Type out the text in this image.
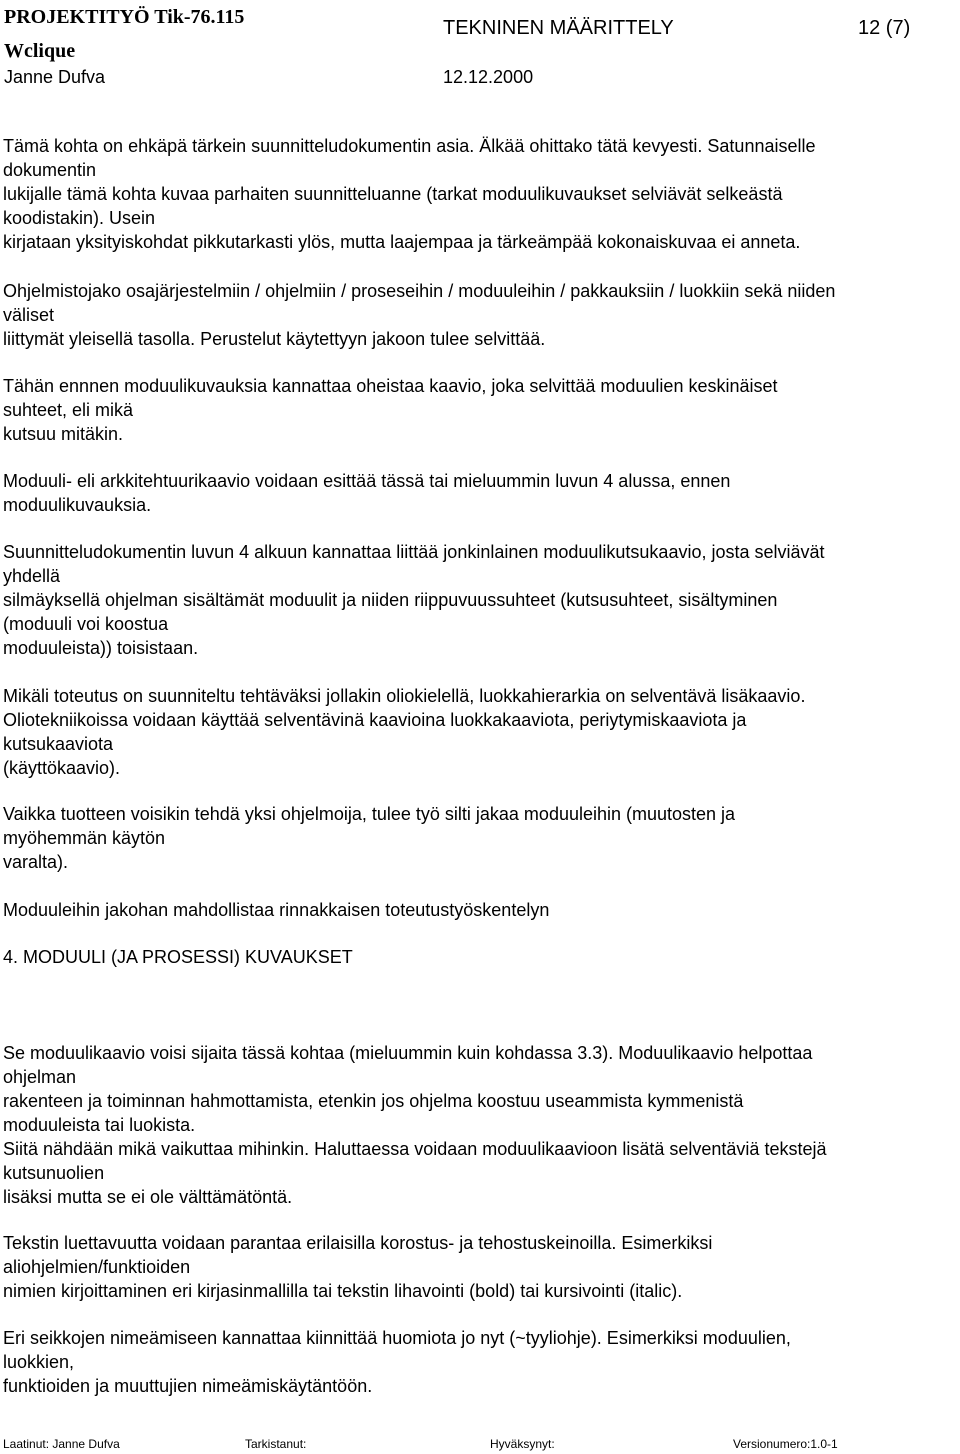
PROJEKTITYÖ Tik-76.115	TEKNINEN MÄÄRITTELY	12 (7)
Wclique
Janne Dufva	12.12.2000
Tämä kohta on ehkäpä tärkein suunnitteludokumentin asia. Älkää ohittako tätä kevyesti. Satunnaiselle
dokumentin
lukijalle tämä kohta kuvaa parhaiten suunnitteluanne (tarkat moduulikuvaukset selviävät selkeästä
koodistakin). Usein
kirjataan yksityiskohdat pikkutarkasti ylös, mutta laajempaa ja tärkeämpää kokonaiskuvaa ei anneta.
Ohjelmistojako osajärjestelmiin / ohjelmiin / proseseihin / moduuleihin / pakkauksiin / luokkiin sekä niiden
väliset
liittymät yleisellä tasolla. Perustelut käytettyyn jakoon tulee selvittää.
Tähän ennnen moduulikuvauksia kannattaa oheistaa kaavio, joka selvittää moduulien keskinäiset
suhteet, eli mikä
kutsuu mitäkin.
Moduuli- eli arkkitehtuurikaavio voidaan esittää tässä tai mieluummin luvun 4 alussa, ennen
moduulikuvauksia.
Suunnitteludokumentin luvun 4 alkuun kannattaa liittää jonkinlainen moduulikutsukaavio, josta selviävät
yhdellä
silmäyksellä ohjelman sisältämät moduulit ja niiden riippuvuussuhteet (kutsusuhteet, sisältyminen
(moduuli voi koostua
moduuleista)) toisistaan.
Mikäli toteutus on suunniteltu tehtäväksi jollakin oliokielellä, luokkahierarkia on selventävä lisäkaavio.
Oliotekniikoissa voidaan käyttää selventävinä kaavioina luokkakaaviota, periytymiskaaviota ja
kutsukaaviota
(käyttökaavio).
Vaikka tuotteen voisikin tehdä yksi ohjelmoija, tulee työ silti jakaa moduuleihin (muutosten ja
myöhemmän käytön
varalta).
Moduuleihin jakohan mahdollistaa rinnakkaisen toteutustyöskentelyn
4. MODUULI (JA PROSESSI) KUVAUKSET
Se moduulikaavio voisi sijaita tässä kohtaa (mieluummin kuin kohdassa 3.3). Moduulikaavio helpottaa
ohjelman
rakenteen ja toiminnan hahmottamista, etenkin jos ohjelma koostuu useammista kymmenistä
moduuleista tai luokista.
Siitä nähdään mikä vaikuttaa mihinkin. Haluttaessa voidaan moduulikaavioon lisätä selventäviä tekstejä
kutsunuolien
lisäksi mutta se ei ole välttämätöntä.
Tekstin luettavuutta voidaan parantaa erilaisilla korostus- ja tehostuskeinoilla. Esimerkiksi
aliohjelmien/funktioiden
nimien kirjoittaminen eri kirjasinmallilla tai tekstin lihavointi (bold) tai kursivointi (italic).
Eri seikkojen nimeämiseen kannattaa kiinnittää huomiota jo nyt (~tyyliohje). Esimerkiksi moduulien,
luokkien,
funktioiden ja muuttujien nimeämiskäytäntöön.
Laatinut: Janne Dufva	Tarkistanut:	Hyväksynyt:	Versionumero:1.0-1
